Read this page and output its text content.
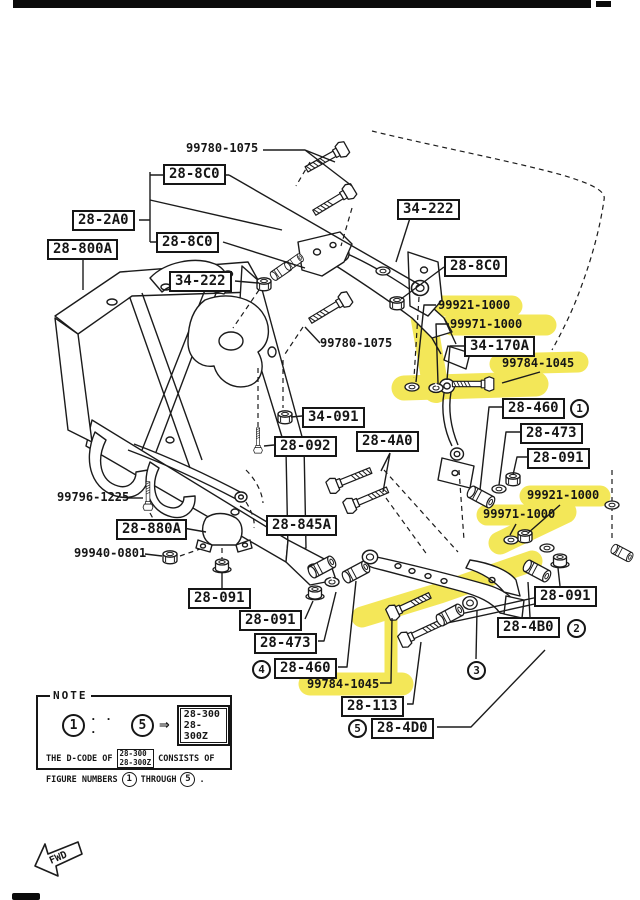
FWD
28-8C0
28-2A0
28-800A	28-8C0
34-222
34-222
28-8C0
34-170A
28-460
28-473
28-091
34-091
28-092	28-4A0
28-845A
28-880A
28-091
28-091
28-473
28-460
28-113
28-4D0
28-091
28-4B0
1
2
3
4
5
99780-1075
99780-1075
99921-1000
99971-1000
99784-1045
99921-1000
99971-1000
99784-1045
99796-1225
99940-0801
NOTE
1	· · ·	5 ⇒
28-300
28-300Z
THE D-CODE OF 28-300
28-300Z CONSISTS OF
FIGURE NUMBERS 1	THROUGH 5	.
